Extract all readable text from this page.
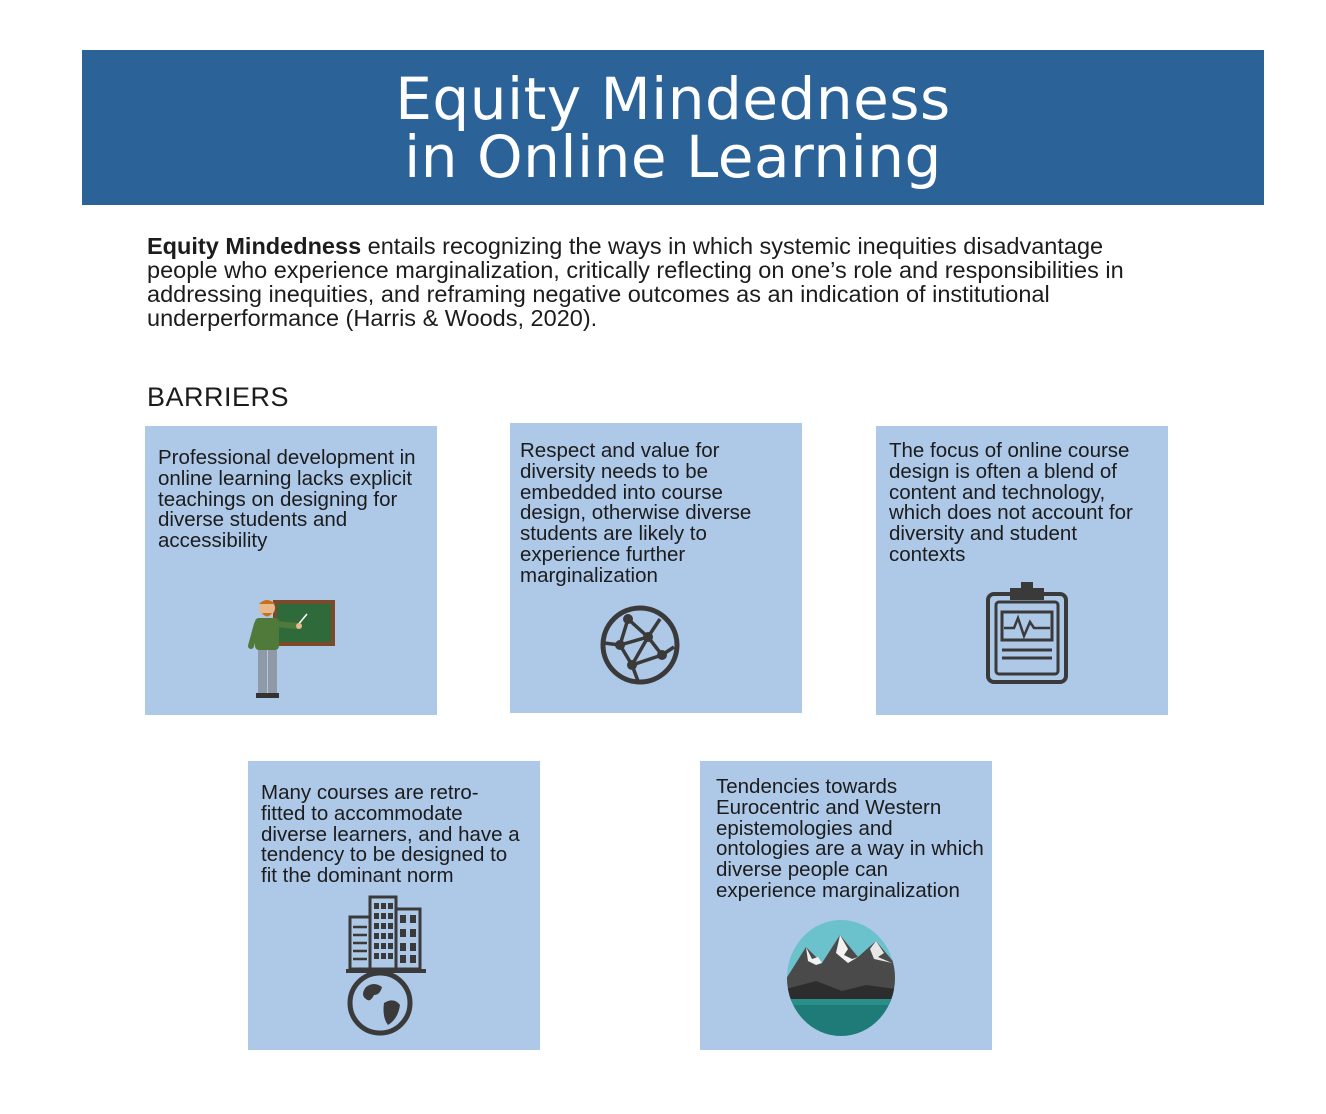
Equity Mindedness
in Online Learning

Equity Mindedness entails recognizing the ways in which systemic inequities disadvantage people who experience marginalization, critically reflecting on one’s role and responsibilities in addressing inequities, and reframing negative outcomes as an indication of institutional underperformance (Harris & Woods, 2020).

BARRIERS
Professional development in online learning lacks explicit teachings on designing for diverse students and accessibility
Respect and value for diversity needs to be embedded into course design, otherwise diverse students are likely to experience further marginalization
The focus of online course design is often a blend of content and technology, which does not account for diversity and student contexts
Many courses are retro-fitted to accommodate diverse learners, and have a tendency to be designed to fit the dominant norm
Tendencies towards Eurocentric and Western epistemologies and ontologies are a way in which diverse people can experience marginalization
